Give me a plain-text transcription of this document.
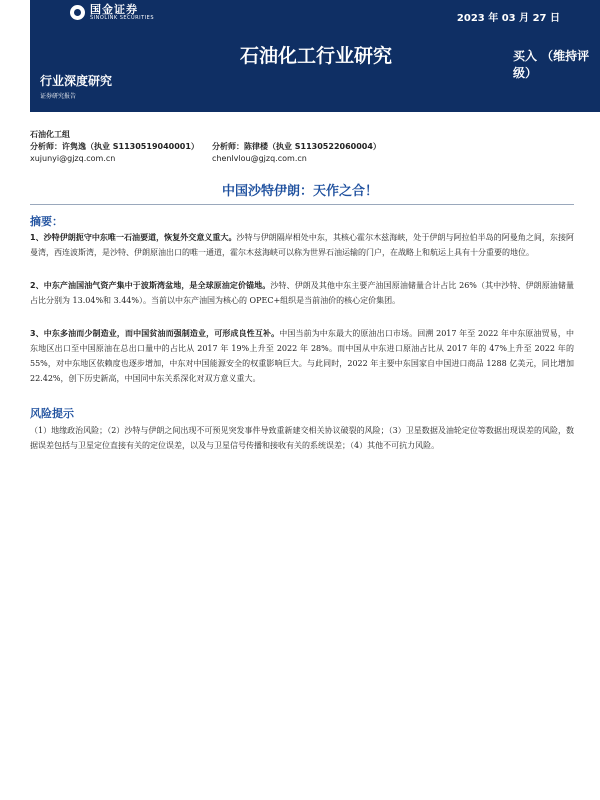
国金证券
SINOLINK SECURITIES	2023 年 03 月 27 日
石油化工行业研究	买入 （维持评级）
行业深度研究
证券研究报告
石油化工组
分析师：许隽逸（执业 S1130519040001） 分析师：陈律楼（执业 S1130522060004）
xujunyi@gjzq.com.cn	chenlvlou@gjzq.com.cn
中国沙特伊朗：天作之合！
摘要：

1、沙特伊朗扼守中东唯一石油要道，恢复外交意义重大。沙特与伊朗隔岸相处中东，其核心霍尔木兹海峡，处于伊朗与阿拉伯半岛的阿曼角之间，东接阿曼湾，西连波斯湾，是沙特、伊朗原油出口的唯一通道，霍尔木兹海峡可以称为世界石油运输的门户，在战略上和航运上具有十分重要的地位。

2、中东产油国油气资产集中于波斯湾盆地，是全球原油定价锚地。沙特、伊朗及其他中东主要产油国原油储量合计占比 26%（其中沙特、伊朗原油储量占比分别为 13.04%和 3.44%）。当前以中东产油国为核心的 OPEC+组织是当前油价的核心定价集团。

3、中东多油而少制造业，而中国贫油而强制造业，可形成良性互补。中国当前为中东最大的原油出口市场。回溯 2017 年至 2022 年中东原油贸易，中东地区出口至中国原油在总出口量中的占比从 2017 年 19%上升至 2022 年 28%。而中国从中东进口原油占比从 2017 年的 47%上升至 2022 年的 55%，对中东地区依赖度也逐步增加，中东对中国能源安全的权重影响巨大。与此同时，2022 年主要中东国家自中国进口商品 1288 亿美元，同比增加 22.42%，创下历史新高，中国同中东关系深化对双方意义重大。

风险提示

（1）地缘政治风险；（2）沙特与伊朗之间出现不可预见突发事件导致重新建交相关协议破裂的风险；（3）卫星数据及油轮定位等数据出现误差的风险，数据误差包括与卫星定位直接有关的定位误差，以及与卫星信号传播和接收有关的系统误差；（4）其他不可抗力风险。
